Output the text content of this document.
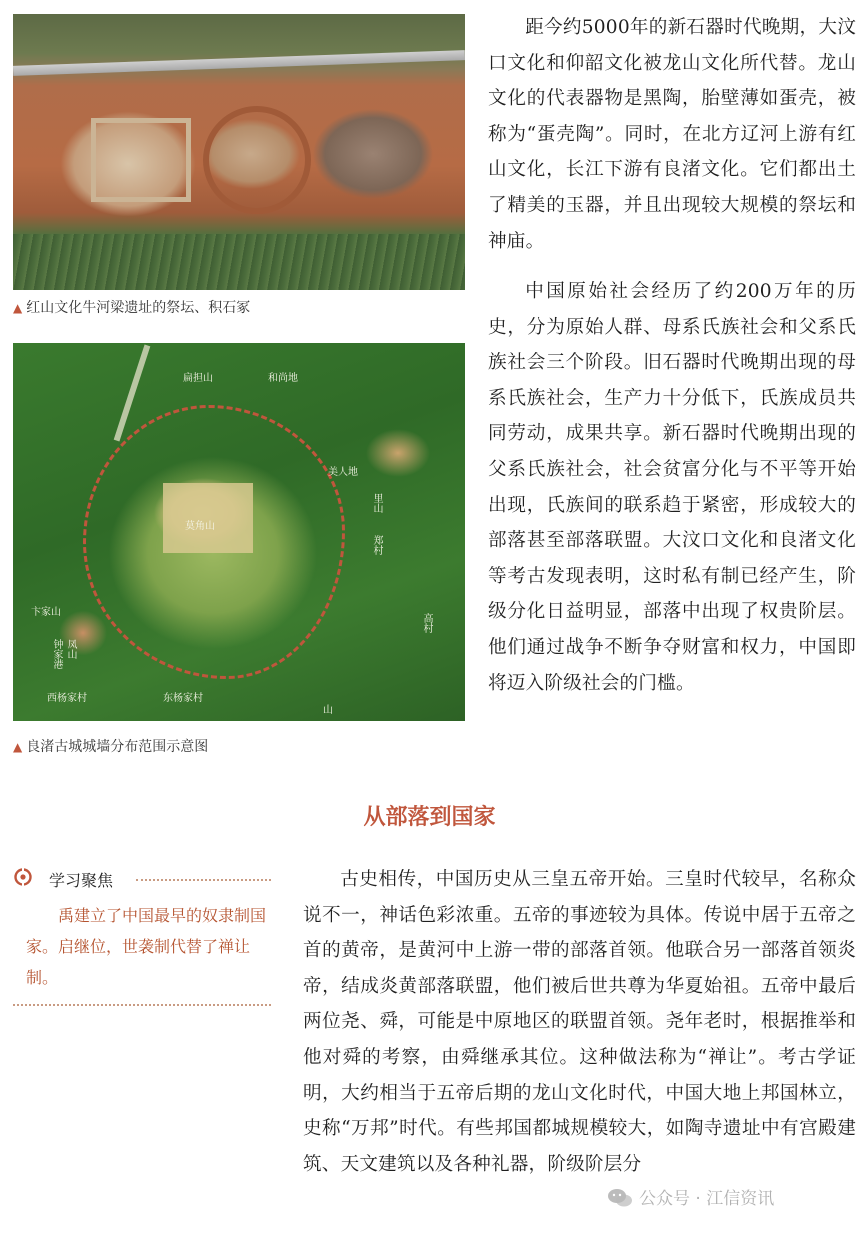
▲ 红山文化牛河梁遗址的祭坛、积石冢
扁担山	和尚地
莫角山
美人地
卞家山
西杨家村	东杨家村
里山
郑村
高村
钟家港 凤山
山
▲ 良渚古城城墙分布范围示意图

距今约5000年的新石器时代晚期，大汶口文化和仰韶文化被龙山文化所代替。龙山文化的代表器物是黑陶，胎壁薄如蛋壳，被称为“蛋壳陶”。同时，在北方辽河上游有红山文化，长江下游有良渚文化。它们都出土了精美的玉器，并且出现较大规模的祭坛和神庙。

中国原始社会经历了约200万年的历史，分为原始人群、母系氏族社会和父系氏族社会三个阶段。旧石器时代晚期出现的母系氏族社会，生产力十分低下，氏族成员共同劳动，成果共享。新石器时代晚期出现的父系氏族社会，社会贫富分化与不平等开始出现，氏族间的联系趋于紧密，形成较大的部落甚至部落联盟。大汶口文化和良渚文化等考古发现表明，这时私有制已经产生，阶级分化日益明显，部落中出现了权贵阶层。他们通过战争不断争夺财富和权力，中国即将迈入阶级社会的门槛。

从部落到国家
学习聚焦

禹建立了中国最早的奴隶制国家。启继位，世袭制代替了禅让制。

古史相传，中国历史从三皇五帝开始。三皇时代较早，名称众说不一，神话色彩浓重。五帝的事迹较为具体。传说中居于五帝之首的黄帝，是黄河中上游一带的部落首领。他联合另一部落首领炎帝，结成炎黄部落联盟，他们被后世共尊为华夏始祖。五帝中最后两位尧、舜，可能是中原地区的联盟首领。尧年老时，根据推举和他对舜的考察，由舜继承其位。这种做法称为“禅让”。考古学证明，大约相当于五帝后期的龙山文化时代，中国大地上邦国林立，史称“万邦”时代。有些邦国都城规模较大，如陶寺遗址中有宫殿建筑、天文建筑以及各种礼器，阶级阶层分

公众号 · 江信资讯
